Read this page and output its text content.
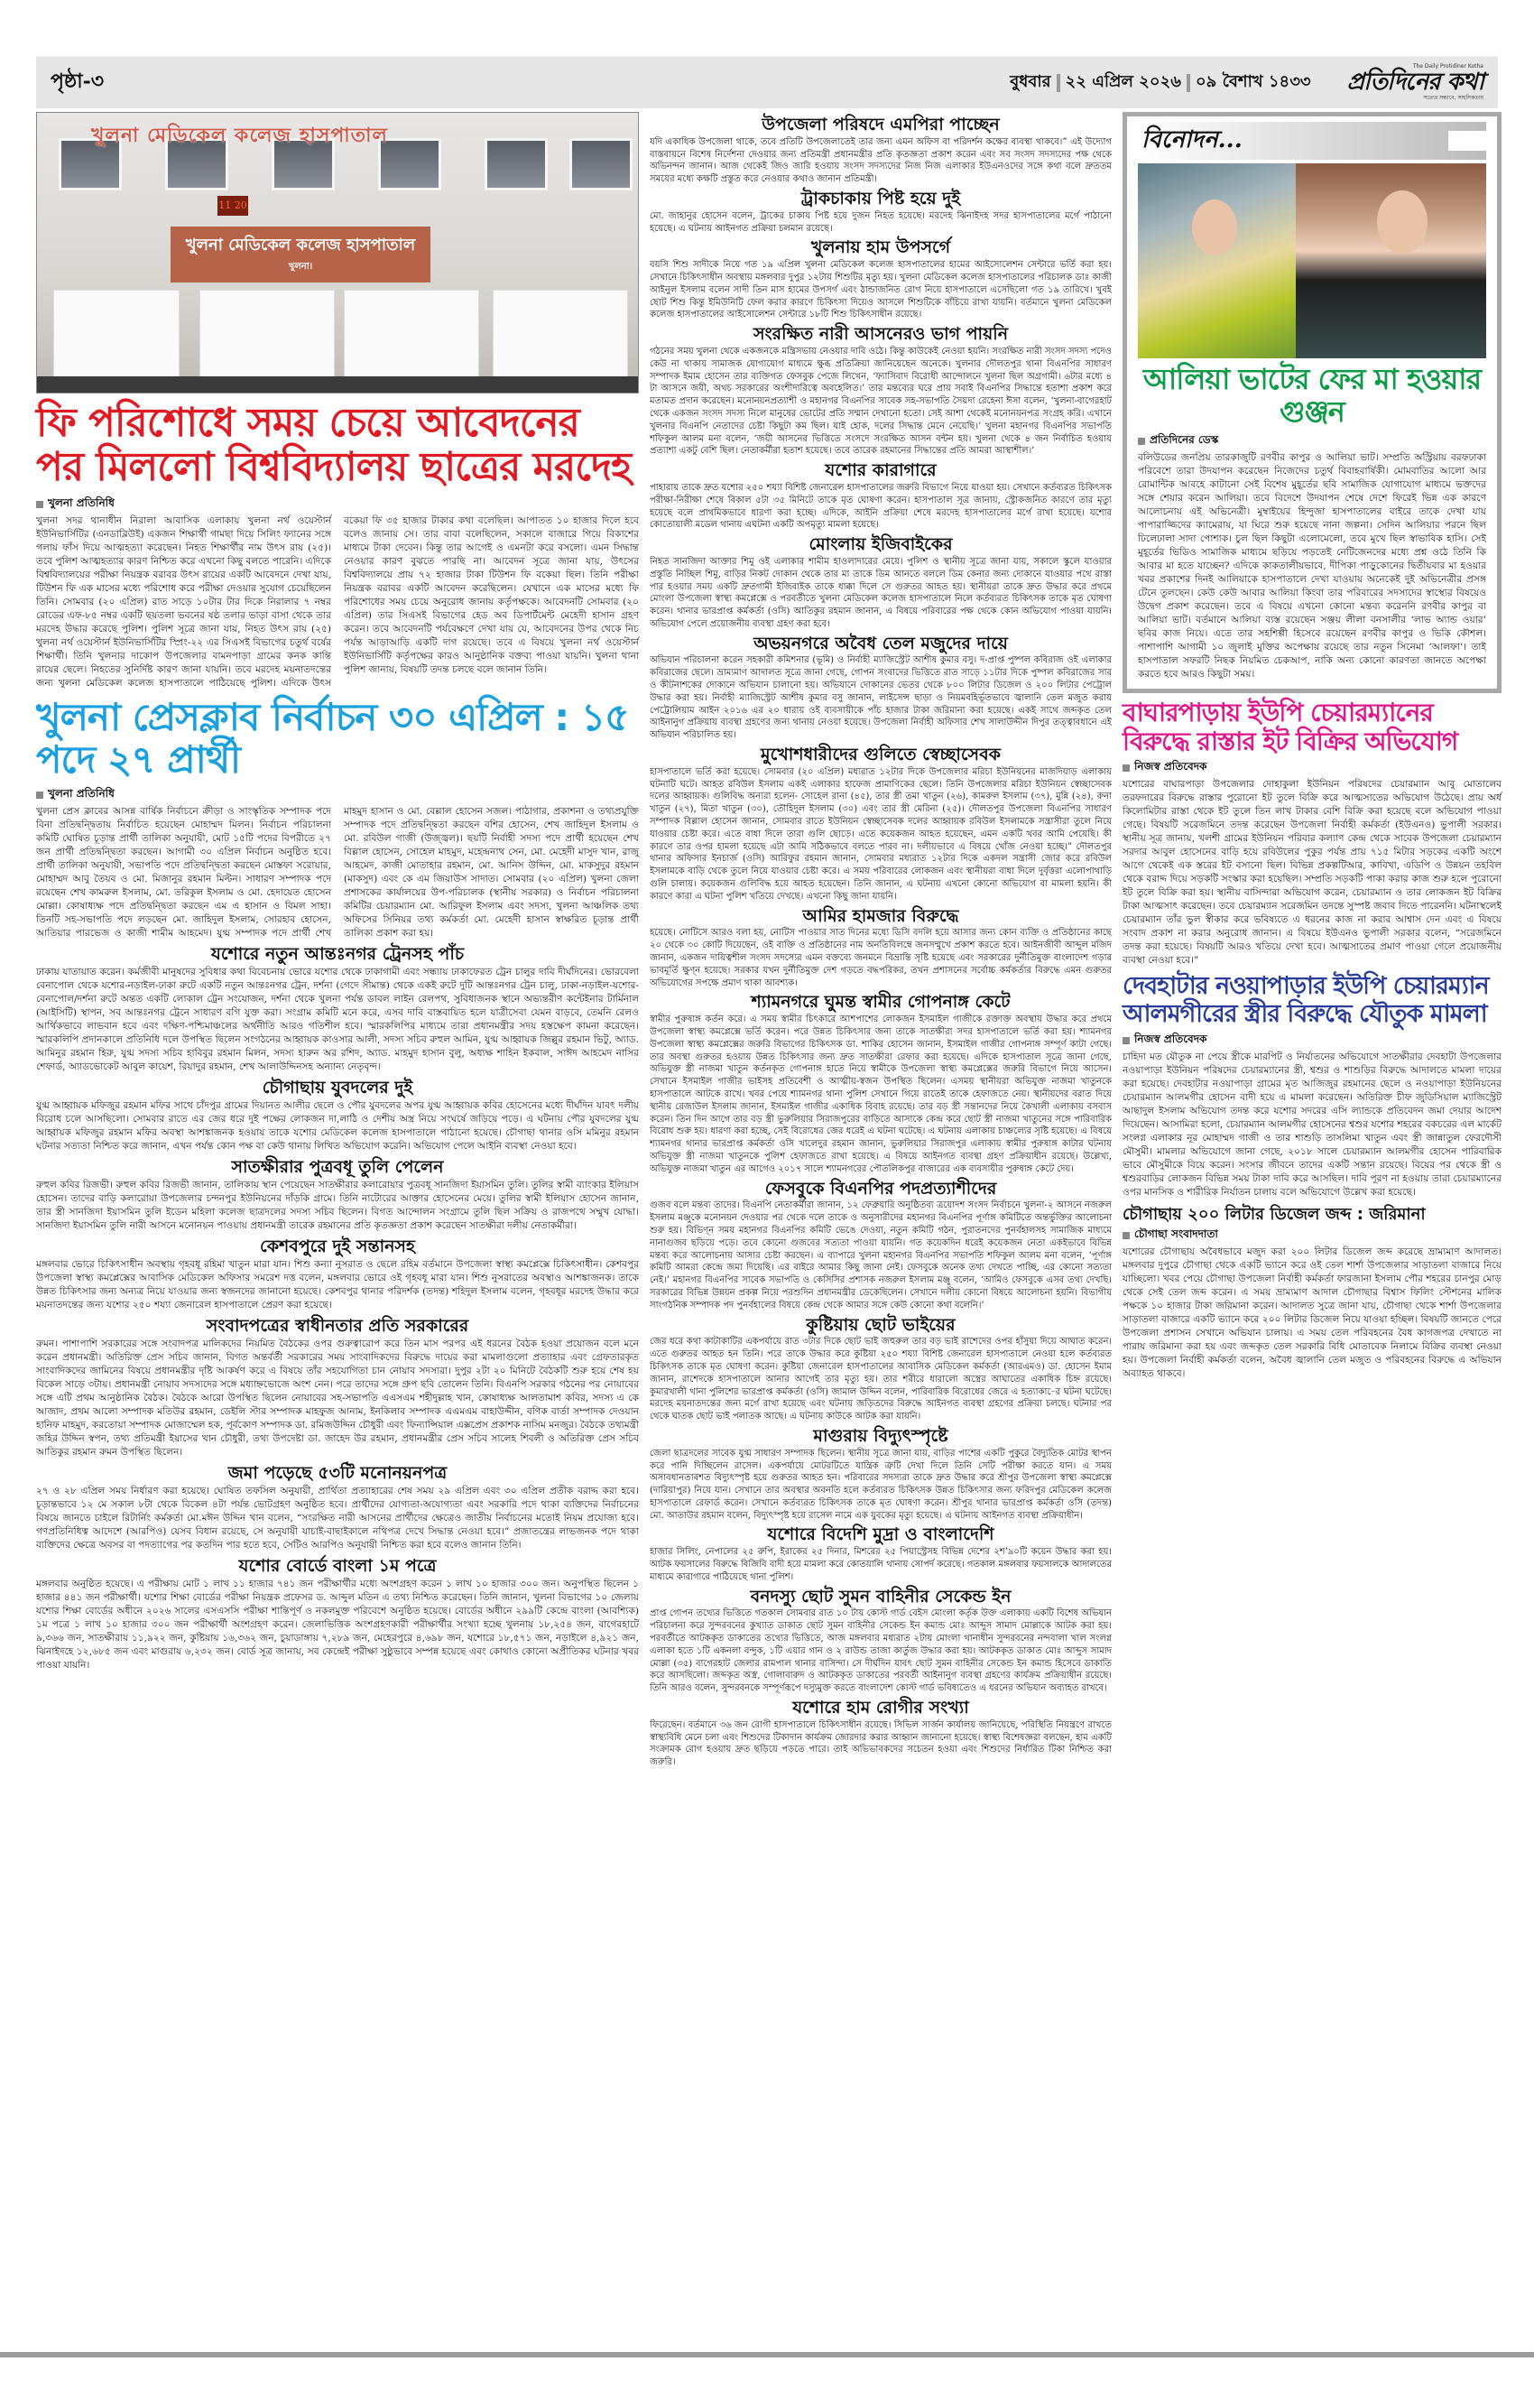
পৃষ্ঠা-৩	বুধবার ২২ এপ্রিল ২০২৬ ০৯ বৈশাখ ১৪৩৩
The Daily Protidiner Kotha
প্রতিদিনের কথা
সত্যের সন্ধানে, সাহসিকতায়
খুলনা মেডিকেল কলেজ হাসপাতাল
11 20
খুলনা মেডিকেল কলেজ হাসপাতাল
খুলনা।
ফি পরিশোধে সময় চেয়ে আবেদনের পর মিললো বিশ্ববিদ্যালয় ছাত্রের মরদেহ
খুলনা প্রতিনিধি
খুলনা সদর থানাধীন নিরালা আবাসিক এলাকায় খুলনা নর্থ ওয়েস্টার্ন ইউনিভার্সিটির (এনডাব্লিউই) একজন শিক্ষার্থী গামছা দিয়ে সিলিং ফ্যানের সঙ্গে গলায় ফাঁস দিয়ে আত্মহত্যা করেছেন। নিহত শিক্ষার্থীর নাম উৎস রায় (২৫)। তবে পুলিশ আত্মহত্যার কারণ নিশ্চিত করে এখনো কিছু বলতে পারেনি। এদিকে বিশ্ববিদ্যালয়ের পরীক্ষা নিয়ন্ত্রক বরাবর উৎস রায়ের একটি আবেদনে দেখা যায়, টিউশন ফি এক মাসের মধ্যে পরিশোধ করে পরীক্ষা দেওয়ার সুযোগ চেয়েছিলেন তিনি। সোমবার (২০ এপ্রিল) রাত সাড়ে ১০টার টার দিকে নিরালার ৭ নম্বর রোডের এফ-৮৫ নম্বর একটি ছয়তলা ভবনের ষষ্ঠ তলার ভাড়া বাসা থেকে তার মরদেহ উদ্ধার করেছে পুলিশ। পুলিশ সূত্রে জানা যায়, নিহত উৎস রায় (২৫) খুলনা নর্থ ওয়েস্টার্ন ইউনিভার্সিটির স্প্রিং-২২ এর সিএসই বিভাগের চতুর্থ বর্ষের শিক্ষার্থী। তিনি খুলনার দাকোপ উপজেলার বামনপাড়া গ্রামের কনক কান্তি রায়ের ছেলে। নিহতের সুনির্দিষ্ট কারণ জানা যায়নি। তবে মরদেহ ময়নাতদন্তের জন্য খুলনা মেডিকেল কলেজ হাসপাতালে পাঠিয়েছে পুলিশ। এদিকে উৎস বকেয়া ফি ৩৫ হাজার টাকার কথা বলেছিল। আপাতত ১০ হাজার দিলে হবে বলেও জানায় সে। তার বাবা বলেছিলেন, সকালে বাজারে গিয়ে বিকাশের মাধ্যমে টাকা দেবেন। কিন্তু তার আগেই ও এমনটা করে বসলো। এমন সিদ্ধান্ত নেওয়ার কারণ বুঝতে পারছি না। আবেদন সূত্রে জানা যায়, উৎসের বিশ্ববিদ্যালয়ে প্রায় ৭২ হাজার টাকা টিউশন ফি বকেয়া ছিল। তিনি পরীক্ষা নিয়ন্ত্রক বরাবর একটি আবেদন করেছিলেন। যেখানে এক মাসের মধ্যে ফি পরিশোধের সময় চেয়ে অনুরোধ জানায় কর্তৃপক্ষকে। আবেদনটি সোমবার (২০ এপ্রিল) তার সিএসই বিভাগের হেড অব ডিপার্টমেন্ট মেহেদী হাসান গ্রহণ করেন। তবে আবেদনটি পর্যবেক্ষণে দেখা যায় যে, আবেদনের উপর থেকে নিচ পর্যন্ত আড়াআড়ি একটি দাগ রয়েছে। তবে এ বিষয়ে খুলনা নর্থ ওয়েস্টার্ন ইউনিভার্সিটি কর্তৃপক্ষের কারও আনুষ্ঠানিক বক্তব্য পাওয়া যায়নি। খুলনা থানা পুলিশ জানায়, বিষয়টি তদন্ত চলছে বলে জানান তিনি।
খুলনা প্রেসক্লাব নির্বাচন ৩০ এপ্রিল : ১৫ পদে ২৭ প্রার্থী
খুলনা প্রতিনিধি
খুলনা প্রেস ক্লাবের আসন্ন বার্ষিক নির্বাচনে ক্রীড়া ও সাংস্কৃতিক সম্পাদক পদে বিনা প্রতিদ্বন্দ্বিতায় নির্বাচিত হয়েছেন মোহাম্মদ মিলন। নির্বাচন পরিচালনা কমিটি ঘোষিত চূড়ান্ত প্রার্থী তালিকা অনুযায়ী, মোট ১৫টি পদের বিপরীতে ২৭ জন প্রার্থী প্রতিদ্বন্দ্বিতা করছেন। আগামী ৩০ এপ্রিল নির্বাচন অনুষ্ঠিত হবে। প্রার্থী তালিকা অনুযায়ী, সভাপতি পদে প্রতিদ্বন্দ্বিতা করছেন মোস্তফা সরোয়ার, মোহাম্মদ আবু তৈয়ব ও মো. মিজানুর রহমান মিল্টন। সাধারণ সম্পাদক পদে রয়েছেন শেখ কামরুল ইসলাম, মো. তরিকুল ইসলাম ও মো. হেদায়েত হোসেন মোল্লা। কোষাধ্যক্ষ পদে প্রতিদ্বন্দ্বিতা করছেন এম এ হাসান ও বিমল সাহা। তিনটি সহ-সভাপতি পদে লড়ছেন মো. জাহিদুল ইসলাম, সোরহাব হোসেন, আতিয়ার পারভেজ ও কাজী শামীম আহমেদ। যুগ্ম সম্পাদক পদে প্রার্থী শেখ মাহমুদ হাসান ও মো. বেল্লাল হোসেন সজল। পাঠাগার, প্রকাশনা ও তথ্যপ্রযুক্তি সম্পাদক পদে প্রতিদ্বন্দ্বিতা করছেন বশির হোসেন, শেখ জাহিদুল ইসলাম ও মো. রবিউল গাজী (উজ্জ্বল)। ছয়টি নির্বাহী সদস্য পদে প্রার্থী হয়েছেন শেখ বিল্লাল হোসেন, সোহেল মাহমুদ, মহেন্দ্রনাথ সেন, মো. মেহেদী মাসুদ খান, রাজু আহমেদ, কাজী মোতাহার রহমান, মো. আনিস উদ্দিন, মো. মাকসুদুর রহমান (মাকসুদ) এবং কে এম জিয়াউস সাদাত। সোমবার (২০ এপ্রিল) খুলনা জেলা প্রশাসকের কার্যালয়ের উপ-পরিচালক (স্থানীয় সরকার) ও নির্বাচন পরিচালনা কমিটির চেয়ারম্যান মো. আরিফুল ইসলাম এবং সদস্য, খুলনা আঞ্চলিক তথ্য অফিসের সিনিয়র তথ্য কর্মকর্তা মো. মেহেদী হাসান স্বাক্ষরিত চূড়ান্ত প্রার্থী তালিকা প্রকাশ করা হয়।
যশোরে নতুন আন্তঃনগর ট্রেনসহ পাঁচ
ঢাকায় যাতায়াত করেন। কর্মজীবী মানুষদের সুবিধার কথা বিবেচনায় ভোরে যশোর থেকে ঢাকাগামী এবং সন্ধ্যায় ঢাকাফেরত ট্রেন চালুর দাবি দীর্ঘদিনের। ভোরবেলা বেনাপোল থেকে যশোর-নড়াইল-ঢাকা রুটে একটি নতুন আন্তঃনগর ট্রেন, দর্শনা (গেদে সীমান্ত) থেকে একই রুটে দুটি আন্তঃনগর ট্রেন চালু, ঢাকা-নড়াইল-যশোর-বেনাপোল/দর্শনা রুটে অন্তত একটি লোকাল ট্রেন সংযোজন, দর্শনা থেকে খুলনা পর্যন্ত ডাবল লাইন রেলপথ, সুবিধাজনক স্থানে অভ্যন্তরীণ কন্টেইনার টার্মিনাল (আইসিটি) স্থাপন, সব আন্তঃনগর ট্রেনে সাধারণ বগি যুক্ত করা। সংগ্রাম কমিটি মনে করে, এসব দাবি বাস্তবায়িত হলে যাত্রীসেবা যেমন বাড়বে, তেমনি রেলও আর্থিকভাবে লাভবান হবে এবং দক্ষিণ-পশ্চিমাঞ্চলের অর্থনীতি আরও গতিশীল হবে। স্মারকলিপির মাধ্যমে তারা প্রধানমন্ত্রীর সদয় হস্তক্ষেপ কামনা করেছেন। স্মারকলিপি প্রদানকালে প্রতিনিধি দলে উপস্থিত ছিলেন সংগঠনের আহ্বায়ক কাওসার আলী, সদস্য সচিব রুহুল আমিন, যুগ্ম আহ্বায়ক জিল্লুর রহমান ভিটু, অ্যাড. আমিনুর রহমান হিরু, যুগ্ম সদস্য সচিব হাবিবুর রহমান মিলন, সদস্য হারুন অর রশিদ, অ্যাড. মাহমুদ হাসান বুলু, অধ্যক্ষ শাহিন ইকবাল, সাঈদ আহমেদ নাসির শেফার্ড, অ্যাডভোকেট আবুল কায়েশ, রিয়াদুর রহমান, শেখ আলাউদ্দিনসহ অন্যান্য নেতৃবৃন্দ।
চৌগাছায় যুবদলের দুই
যুগ্ম আহ্বায়ক মফিজুর রহমান মফির সাথে চাঁদপুর গ্রামের দিয়ানত আলীর ছেলে ও পৌর যুবদলের অপর যুগ্ম আহ্বায়ক কবির হোসেনের মধ্যে দীর্ঘদিন যাবৎ দলীয় বিরোধ চলে আসছিলো। সোমবার রাতে এর জের ধরে দুই পক্ষের লোকজন দা,লাঠি ও দেশীয় অস্ত্র নিয়ে সংঘর্ষে জড়িয়ে পড়ে। এ ঘটনায় পৌর যুবদলের যুগ্ম আহ্বায়ক মফিজুর রহমান মফির অবস্থা আশঙ্কাজনক হওয়ায় তাকে যশোর মেডিকেল কলেজ হাসপাতালে পাঠানো হয়েছে। চৌগাছা থানার ওসি মমিনুর রহমান ঘটনার সত্যতা নিশ্চিত করে জানান, এখন পর্যন্ত কোন পক্ষ বা কেউ থানায় লিখিত অভিযোগ করেনি। অভিযোগ পেলে আইনি ব্যবস্থা নেওয়া হবে।
সাতক্ষীরার পুত্রবধূ তুলি পেলেন
রুহুল কবির রিজভী। রুহুল কবির রিজভী জানান, তালিকায় স্থান পেয়েছেন সাতক্ষীরার কলারোয়ার পুত্রবধূ সানজিদা ইয়াসমিন তুলি। তুলির স্বামী ব্যাংকার ইলিয়াস হোসেন। তাদের বাড়ি কলারোয়া উপজেলার চন্দনপুর ইউনিয়নের দাঁড়কি গ্রামে। তিনি নাটোরের আক্তার হোসেনের মেয়ে। তুলির স্বামী ইলিয়াস হোসেন জানান, তার স্ত্রী সানজিদা ইয়াসমিন তুলি ইডেন মহিলা কলেজ ছাত্রদলের সদস্য সচিব ছিলেন। বিগত আন্দোলন সংগ্রামে তুলি ছিল সক্রিয় ও রাজপথে সম্মুখ যোদ্ধা। সানজিদা ইয়াসমিন তুলি নারী আসনে মনোনয়ন পাওয়ায় প্রধানমন্ত্রী তারেক রহমানের প্রতি কৃতজ্ঞতা প্রকাশ করেছেন সাতক্ষীরা দলীয় নেতাকর্মীরা।
কেশবপুরে দুই সন্তানসহ
মঙ্গলবার ভোরে চিকিৎসাধীন অবস্থায় গৃহবধূ রহিমা খাতুন মারা যান। শিশু কন্যা নুসরাত ও ছেলে রহিম বর্তমানে উপজেলা স্বাস্থ্য কমপ্লেক্সে চিকিৎসাধীন। কেশবপুর উপজেলা স্বাস্থ্য কমপ্লেক্সের আবাসিক মেডিকেল অফিসার সমরেশ দত্ত বলেন, মঙ্গলবার ভোরে ওই গৃহবধূ মারা যান। শিশু নুসরাতের অবস্থাও আশঙ্কাজনক। তাকে উন্নত চিকিৎসার জন্য অন্যত্র নিয়ে যাওয়ার জন্য স্বজনদের জানানো হয়েছে। কেশবপুর থানার পরিদর্শক (তদন্ত) শহিদুল ইসলাম বলেন, গৃহবধূর মরদেহ উদ্ধার করে ময়নাতদন্তের জন্য যশোর ২৫০ শয্যা জেনারেল হাসপাতালে প্রেরণ করা হয়েছে।
সংবাদপত্রের স্বাধীনতার প্রতি সরকারের
রুমন। পাশাপাশি সরকারের সঙ্গে সংবাদপত্র মালিকদের নিয়মিত বৈঠকের ওপর গুরুত্বারোপ করে তিন মাস পরপর এই ধরনের বৈঠক হওয়া প্রয়োজন বলে মনে করেন প্রধানমন্ত্রী। অতিরিক্ত প্রেস সচিব জানান, বিগত অন্তর্বর্তী সরকারের সময় সাংবাদিকদের বিরুদ্ধে দায়ের করা মামলাগুলো প্রত্যাহার এবং গ্রেফতারকৃত সাংবাদিকদের জামিনের বিষয়ে প্রধানমন্ত্রীর দৃষ্টি আকর্ষণ করে এ বিষয়ে তাঁর সহযোগিতা চান নোয়াব সদস্যরা। দুপুর ২টা ২০ মিনিটে বৈঠকটি শুরু হয়ে শেষ হয় বিকেল সাড়ে ৩টায়। প্রধানমন্ত্রী নোয়াব সদস্যদের সঙ্গে মধ্যাহ্নভোজে অংশ নেন। পরে তাদের সঙ্গে গ্রুপ ছবি তোলেন তিনি। বিএনপি সরকার গঠনের পর নোয়াবের সঙ্গে এটি প্রথম আনুষ্ঠানিক বৈঠক। বৈঠকে আরো উপস্থিত ছিলেন নোয়াবের সহ-সভাপতি এএসএম শহীদুল্লাহ খান, কোষাধ্যক্ষ আলতামাশ কবির, সদস্য এ কে আজাদ, প্রথম আলো সম্পাদক মতিউর রহমান, ডেইলি স্টার সম্পাদক মাহফুজ আনাম, ইনকিলাব সম্পাদক এএমএম বাহাউদ্দীন, বণিক বার্তা সম্পাদক দেওয়ান হানিফ মাহমুদ, করতোয়া সম্পাদক মোজাম্মেল হক, পূর্বকোণ সম্পাদক ডা. রমিজউদ্দিন চৌধুরী এবং ফিন্যান্সিয়াল এক্সপ্রেস প্রকাশক নাসিম মনজুর। বৈঠকে তথ্যমন্ত্রী জহির উদ্দিন স্বপন, তথ্য প্রতিমন্ত্রী ইয়াসের খান চৌধুরী, তথ্য উপদেষ্টা ডা. জাহেদ উর রহমান, প্রধানমন্ত্রীর প্রেস সচিব সালেহ শিবলী ও অতিরিক্ত প্রেস সচিব আতিকুর রহমান রুমন উপস্থিত ছিলেন।
জমা পড়েছে ৫৩টি মনোনয়নপত্র
২৭ ও ২৮ এপ্রিল সময় নির্ধারণ করা হয়েছে। ঘোষিত তফসিল অনুযায়ী, প্রার্থিতা প্রত্যাহারের শেষ সময় ২৯ এপ্রিল এবং ৩০ এপ্রিল প্রতীক বরাদ্দ করা হবে। চূড়ান্তভাবে ১২ মে সকাল ৮টা থেকে বিকেল ৪টা পর্যন্ত ভোটগ্রহণ অনুষ্ঠিত হবে। প্রার্থীদের যোগ্যতা-অযোগ্যতা এবং সরকারি পদে থাকা ব্যক্তিদের নির্বাচনের বিষয়ে জানতে চাইলে রিটার্নিং কর্মকর্তা মো.মঈন উদ্দিন খান বলেন, “সংরক্ষিত নারী আসনের প্রার্থীদের ক্ষেত্রেও জাতীয় নির্বাচনের মতোই নিয়ম প্রযোজ্য হবে। গণপ্রতিনিধিত্ব আদেশে (আরপিও) যেসব বিধান রয়েছে, সে অনুযায়ী যাচাই-বাছাইকালে নথিপত্র দেখে সিদ্ধান্ত নেওয়া হবে।” প্রজাতন্ত্রের লাভজনক পদে থাকা ব্যক্তিদের ক্ষেত্রে অবসর বা পদত্যাগের পর কতদিন পার হতে হবে, সেটিও আরপিও অনুযায়ী নিশ্চিত করা হবে বলেও জানান তিনি।
যশোর বোর্ডে বাংলা ১ম পত্রে
মঙ্গলবার অনুষ্ঠিত হয়েছে। এ পরীক্ষায় মোট ১ লাখ ১১ হাজার ৭৪১ জন পরীক্ষার্থীর মধ্যে অংশগ্রহণ করেন ১ লাখ ১০ হাজার ৩০০ জন। অনুপস্থিত ছিলেন ১ হাজার ৪৪১ জন পরীক্ষার্থী। যশোর শিক্ষা বোর্ডের পরীক্ষা নিয়ন্ত্রক প্রফেসর ড. আব্দুল মতিন এ তথ্য নিশ্চিত করেছেন। তিনি জানান, খুলনা বিভাগের ১০ জেলায় যশোর শিক্ষা বোর্ডের অধীনে ২০২৬ সালের এসএসসি পরীক্ষা শান্তিপূর্ণ ও নকলমুক্ত পরিবেশে অনুষ্ঠিত হয়েছে। বোর্ডের অধীনে ২৯৯টি কেন্দ্রে বাংলা (আবশ্যিক) ১ম পত্রে ১ লাখ ১০ হাজার ৩০০ জন পরীক্ষার্থী অংশগ্রহণ করেন। জেলাভিত্তিক অংশগ্রহণকারী পরীক্ষার্থীর সংখ্যা হচ্ছে খুলনায় ১৮,২৫৪ জন, বাগেরহাটে ৯,৩৬৬ জন, সাতক্ষীরায় ১১,৯২২ জন, কুষ্টিয়ায় ১৬,৩৬২ জন, চুয়াডাঙ্গায় ৭,২৮৯ জন, মেহেরপুরে ৪,৬৯৮ জন, যশোরে ১৮,৫৭১ জন, নড়াইলে ৪,৯২১ জন, ঝিনাইদহে ১২,৬৮৫ জন এবং মাগুরায় ৬,২৩২ জন। বোর্ড সূত্র জানায়, সব কেন্দ্রেই পরীক্ষা সুষ্ঠুভাবে সম্পন্ন হয়েছে এবং কোথাও কোনো অপ্রীতিকর ঘটনার খবর পাওয়া যায়নি।
উপজেলা পরিষদে এমপিরা পাচ্ছেন
যদি একাধিক উপজেলা থাকে, তবে প্রতিটি উপজেলাতেই তার জন্য এমন অফিস বা পরিদর্শন কক্ষের ব্যবস্থা থাকবে।” এই উদ্যোগ বাস্তবায়নে বিশেষ নির্দেশনা দেওয়ার জন্য প্রতিমন্ত্রী প্রধানমন্ত্রীর প্রতি কৃতজ্ঞতা প্রকাশ করেন এবং সব সংসদ সদস্যদের পক্ষ থেকে অভিনন্দন জানান। আজ থেকেই জিও জারি হওয়ায় সংসদ সদস্যদের নিজ নিজ এলাকার ইউএনওদের সঙ্গে কথা বলে দ্রুততম সময়ের মধ্যে কক্ষটি প্রস্তুত করে নেওয়ার কথাও জানান প্রতিমন্ত্রী।
ট্রাকচাকায় পিষ্ট হয়ে দুই
মো. জাহানুর হোসেন বলেন, ট্রাকের চাকায় পিষ্ট হয়ে দুজন নিহত হয়েছে। মরদেহ ঝিনাইদহ সদর হাসপাতালের মর্গে পাঠানো হয়েছে। এ ঘটনায় আইনগত প্রক্রিয়া চলমান রয়েছে।
খুলনায় হাম উপসর্গে
বয়সি শিশু সাদীকে নিয়ে গত ১৯ এপ্রিল খুলনা মেডিকেল কলেজ হাসপাতালের হামের আইসোলেশন সেন্টারে ভর্তি করা হয়। সেখানে চিকিৎসাধীন অবস্থায় মঙ্গলবার দুপুর ১২টায় শিশুটির মৃত্যু হয়। খুলনা মেডিকেল কলেজ হাসপাতালের পরিচালক ডাঃ কাজী আইনুল ইসলাম বলেন সাদী তিন মাস হামের উপসর্গ এবং ঠান্ডাজনিত রোগ নিয়ে হাসপাতালে এসেছিলো গত ১৯ তারিখে। খুবই ছোট শিশু কিন্তু ইমিউনিটি ফেল করার কারণে চিকিৎসা দিয়েও আসলে শিশুটিকে বাঁচিয়ে রাখা যায়নি। বর্তমানে খুলনা মেডিকেল কলেজ হাসপাতালের আইসোলেশন সেন্টারে ১৮টি শিশু চিকিৎসাধীন রয়েছে।
সংরক্ষিত নারী আসনেরও ভাগ পায়নি
গঠনের সময় খুলনা থেকে একজনকে মন্ত্রিসভায় নেওয়ার দাবি ওঠে। কিন্তু কাউকেই নেওয়া হয়নি। সংরক্ষিত নারী সংসদ সদস্য পদেও কেউ না থাকায় সামাজক যোগাযোগ মাধ্যমে ক্ষুব্ধ প্রতিক্রিয়া জানিয়েছেন অনেকে। খুলনার দৌলতপুর থানা বিএনপির সাধারণ সম্পাদক ইমাম হোসেন তার ব্যক্তিগত ফেসবুক পেজে লিখেন, ‘ফ্যাসিবাদ বিরোধী আন্দোলনে খুলনা ছিল অগ্রগামী। ৬টার মধ্যে ৪ টা আসনে জয়ী, অথচ সরকারের অংশীদারিত্বে অবহেলিত।’ তার মন্তব্যের ঘরে প্রায় সবাই বিএনপির সিদ্ধান্তে হতাশা প্রকাশ করে মতামত প্রদান করেছেন। মনোনয়নপ্রত্যাশী ও মহানগর বিএনপির সাবেক সহ-সভাপতি সৈয়দা রেহেনা ঈসা বলেন, ‘খুলনা-বাগেরহাট থেকে একজন সংসদ সদস্য নিলে মানুষের ভোটের প্রতি সম্মান দেখানো হতো। সেই আশা থেকেই মনোনয়নপত্র সংগ্রহ করি। এখানে খুলনার বিএনপি নেতাদের চেষ্টা কিছুটা কম ছিল। যাই হোক, দলের সিদ্ধান্ত মেনে নেয়েছি।’ খুলনা মহানগর বিএনপির সভাপতি শফিকুল আলম মনা বলেন, ‘জয়ী আসনের ভিত্তিতে সংসদে সংরক্ষিত আসন বন্টন হয়। খুলনা থেকে ৪ জন নির্বাচিত হওয়ায় প্রত্যাশা একটু বেশি ছিল। নেতাকর্মীরা হতাশ হয়েছে। তবে তারেক রহমানের সিদ্ধান্তের প্রতি আমরা আস্থাশীল।’
যশোর কারাগারে
পাহারায় তাকে দ্রুত যশোর ২৫০ শয্যা বিশিষ্ট জেনারেল হাসপাতালের জরুরি বিভাগে নিয়ে যাওয়া হয়। সেখানে কর্তব্যরত চিকিৎসক পরীক্ষা-নিরীক্ষা শেষে বিকাল ৫টা ৩৫ মিনিটে তাকে মৃত ঘোষণা করেন। হাসপাতাল সূত্র জানায়, স্ট্রোকজনিত কারণে তার মৃত্যু হয়েছে বলে প্রাথমিকভাবে ধারণা করা হচ্ছে। এদিকে, আইনি প্রক্রিয়া শেষে মরদেহ হাসপাতালের মর্গে রাখা হয়েছে। যশোর কোতোয়ালী মডেল থানায় এঘটনা একটি অপমৃত্যু মামলা হয়েছে।
মোংলায় ইজিবাইকের
নিহত সানজিদা আক্তার শিমু ওই এলাকার শামীম হাওলাদারের মেয়ে। পুলিশ ও স্থানীয় সূত্রে জানা যায়, সকালে স্কুলে যাওয়ার প্রস্তুতি নিচ্ছিল শিমু, বাড়ির নিকট দোকান থেকে তার মা তাকে ডিম আনতে বললে ডিম কেনার জন্য দোকানে যাওয়ার পথে রাস্তা পার হওয়ার সময় একটি দ্রুতগামী ইজিবাইক তাকে ধাক্কা দিলে সে গুরুতর আহত হয়। স্থানীয়রা তাকে দ্রুত উদ্ধার করে প্রথমে মোংলা উপজেলা স্বাস্থ্য কমপ্লেক্সে ও পরবর্তীতে খুলনা মেডিকেল কলেজ হাসপাতালে নিলে কর্তব্যরত চিকিৎসক তাকে মৃত ঘোষণা করেন। থানার ভারপ্রাপ্ত কর্মকর্তা (ওসি) আতিকুর রহমান জানান, এ বিষয়ে পরিবারের পক্ষ থেকে কোন অভিযোগ পাওয়া যায়নি। অভিযোগ পেলে প্রয়োজনীয় ব্যবস্থা গ্রহণ করা হবে।
অভয়নগরে অবৈধ তেল মজুদের দায়ে
অভিযান পরিচালনা করেন সহকারী কমিশনার (ভূমি) ও নির্বাহী ম্যাজিস্ট্রেট আশীষ কুমার বসু। দ-প্রাপ্ত পুষ্পল কবিরাজ ওই এলাকার কবিরাজের ছেলে। ভ্রাম্যমাণ আদালত সূত্রে জানা গেছে, গোপন সংবাদের ভিত্তিতে রাত সাড়ে ১১টার দিকে পুষ্পল কবিরাজের সার ও কীটনাশকের দোকানে অভিযান চালানো হয়। অভিযানে দোকানের ভেতর থেকে ৮০০ লিটার ডিজেল ও ২০০ লিটার পেট্রোল উদ্ধার করা হয়। নির্বাহী ম্যাজিস্ট্রেট আশীষ কুমার বসু জানান, লাইসেন্স ছাড়া ও নিয়মবহির্ভূতভাবে জ্বালানি তেল মজুত করায় পেট্রোলিয়াম আইন ২০১৬ এর ২০ ধারায় ওই ব্যবসায়ীকে পাঁচ হাজার টাকা জরিমানা করা হয়েছে। একই সাথে জব্দকৃত তেল আইনানুগ প্রক্রিয়ায় ব্যবস্থা গ্রহণের জন্য থানায় নেওয়া হয়েছে। উপজেলা নির্বাহী অফিসার শেখ সালাউদ্দীন দিপুর তত্ত্বাবধানে এই অভিযান পরিচালিত হয়।
মুখোশধারীদের গুলিতে স্বেচ্ছাসেবক
হাসপাতালে ভর্তি করা হয়েছে। সোমবার (২০ এপ্রিল) মধ্যরাত ১২টার দিকে উপজেলার মরিচা ইউনিয়নের মাজদিয়াড় এলাকায় ঘটনাটি ঘটে। আহত রবিউল ইসলাম একই এলাকার হাফেজ প্রামাণিকের ছেলে। তিনি উপজেলার মরিচা ইউনিয়ন স্বেচ্ছাসেবক দলের আহ্বায়ক। গুলিবিদ্ধ অন্যরা হলেন- সোহেল রানা (৪৫), তার স্ত্রী তমা খাতুন (২৬), কামরুল ইসলাম (৩৭), মুন্নি (২৪), রুনা খাতুন (২৭), মিতা খাতুন (৩০), তৌহিদুল ইসলাম (৩০) এবং তার স্ত্রী মেরিনা (২৫)। দৌলতপুর উপজেলা বিএনপির সাধারণ সম্পাদক বিল্লাল হোসেন জানান, সোমবার রাতে ইউনিয়ন স্বেচ্ছাসেবক দলের আহ্বায়ক রবিউল ইসলামকে সন্ত্রাসীরা তুলে নিয়ে যাওয়ার চেষ্টা করে। এতে বাধা দিলে তারা গুলি ছোড়ে। এতে কয়েকজন আহত হয়েছেন, এমন একটি খবর আমি পেয়েছি। কী কারণে তার ওপর হামলা হয়েছে এটা আমি সঠিকভাবে বলতে পারব না। দলীয়ভাবে এ বিষয়ে খোঁজ নেওয়া হচ্ছে।” দৌলতপুর থানার অফিসার ইনচার্জ (ওসি) আরিফুর রহমান জানান, সোমবার মধ্যরাত ১২টার দিকে একদল সন্ত্রাসী জোর করে রবিউল ইসলামকে বাড়ি থেকে তুলে নিয়ে যাওয়ার চেষ্টা করে। এ সময় পরিবারের লোকজন এবং স্থানীয়রা বাধা দিলে দুর্বৃত্তরা এলোপাথাড়ি গুলি চালায়। কয়েকজন গুলিবিদ্ধ হয়ে আহত হয়েছেন। তিনি জানান, এ ঘটনায় এখনো কোনো অভিযোগ বা মামলা হয়নি। কী কারণে কারা এ ঘটনা পুলিশ খতিয়ে দেখছে। এখনো কিছু জানা যায়নি।
আমির হামজার বিরুদ্ধে
হয়েছে। নোটিসে আরও বলা হয়, নোটিস পাওয়ার সাত দিনের মধ্যে ডিসি বদলি হয়ে আসার জন্য কোন ব্যক্তি ও প্রতিষ্ঠানের কাছে ২০ থেকে ৩০ কোটি দিয়েছেন, ওই ব্যক্তি ও প্রতিষ্ঠানের নাম অনতিবিলম্বে জনসম্মুখে প্রকাশ করতে হবে। আইনজীবী আব্দুল মজিদ জানান, একজন দায়িত্বশীল সংসদ সদস্যের এমন বক্তব্যে জনমনে বিভ্রান্তি সৃষ্টি হয়েছে এবং সরকারের দুর্নীতিমুক্ত বাংলাদেশ গড়ার ভাবমূর্তি ক্ষুণ্ন হয়েছে। সরকার যখন দুর্নীতিমুক্ত দেশ গড়তে বদ্ধপরিকর, তখন প্রশাসনের সর্বোচ্চ কর্মকর্তার বিরুদ্ধে এমন গুরুতর অভিযোগের সপক্ষে প্রমাণ থাকা আবশ্যক।
শ্যামনগরে ঘুমন্ত স্বামীর গোপনাঙ্গ কেটে
স্বামীর পুরুষাঙ্গ কর্তন করে। এ সময় স্বামীর চিৎকারে আশপাশের লোকজন ইসমাইল গাজীকে রক্তাক্ত অবস্থায় উদ্ধার করে প্রথমে উপজেলা স্বাস্থ্য কমপ্লেক্সে ভর্তি করেন। পরে উন্নত চিকিৎসার জন্য তাকে সাতক্ষীরা সদর হাসপাতালে ভর্তি করা হয়। শ্যামনগর উপজেলা স্বাস্থ্য কমপ্লেক্সের জরুরি বিভাগের চিকিৎসক ডা. শাকির হোসেন জানান, ইসমাইল গাজীর গোপনাঙ্গ সম্পূর্ণ কাটা গেছে। তার অবস্থা গুরুতর হওয়ায় উন্নত চিকিৎসার জন্য দ্রুত সাতক্ষীরা রেফার করা হয়েছে। এদিকে হাসপাতাল সূত্রে জানা গেছে, অভিযুক্ত স্ত্রী নাজমা খাতুন কর্তনকৃত গোপনাঙ্গ হাতে নিয়ে স্বামীকে উপজেলা স্বাস্থ্য কমপ্লেক্সের জরুরি বিভাগে নিয়ে আসেন। সেখানে ইসমাইল গাজীর ভাইসহ প্রতিবেশী ও আত্মীয়-স্বজন উপস্থিত ছিলেন। এসময় স্থানীয়রা অভিযুক্ত নাজমা খাতুনকে হাসপাতালে আটকে রাখে। খবর পেয়ে শ্যামনগর থানা পুলিশ সেখানে গিয়ে রাতেই তাকে হেফাজতে নেয়। স্থানীয়দের বরাত দিয়ে স্থানীয় রেজাউল ইসলাম জানান, ইসমাইল গাজীর একাধিক বিবাহ রয়েছে। তার বড় স্ত্রী সন্তানদের নিয়ে কৈখালী এলাকায় বসবাস করেন। তিন দিন আগে তার বড় স্ত্রী ভুরুলিয়ার সিরাজপুরের বাড়িতে আসাকে কেন্দ্র করে ছোট স্ত্রী নাজমা খাতুনের সঙ্গে পারিবারিক বিরোধ শুরু হয়। ধারণা করা হচ্ছে, সেই বিরোধের জের ধরেই এ ঘটনা ঘটেছে। এ ঘটনায় এলাকায় চাঞ্চল্যের সৃষ্টি হয়েছে। এ বিষয়ে শ্যামনগর থানার ভারপ্রাপ্ত কর্মকর্তা ওসি খালেদুর রহমান জানান, ভুরুলিয়ার সিরাজপুর এলাকায় স্বামীর পুরুষাঙ্গ কাটার ঘটনায় অভিযুক্ত স্ত্রী নাজমা খাতুনকে পুলিশ হেফাজতে রাখা হয়েছে। এ বিষয়ে আইনগত ব্যবস্থা গ্রহণ প্রক্রিয়াধীন রয়েছে। উল্লেখ্য, অভিযুক্ত নাজমা খাতুন এর আগেও ২০১৭ সালে শ্যামনগরের পৌতলিকপুর বাজারের এক ব্যবসায়ীর পুরুষাঙ্গ কেটে দেয়।
ফেসবুকে বিএনপির পদপ্রত্যাশীদের
গুজব বলে মন্তব্য তাদের। বিএনপি নেতাকর্মীরা জানান, ১২ ফেব্রুয়ারি অনুষ্ঠিতব্য ত্রয়োদশ সংসদ নির্বাচনে খুলনা-২ আসনে নজরুল ইসলাম মঞ্জুকে মনোনয়ন দেওয়ার পর থেকে দলে তাকে ও অনুসারীদের মহানগর বিএনপির পূর্ণাঙ্গ কমিটিতে অন্তর্ভুক্তির আলোচনা শুরু হয়। বিভিণ্ন সময় মহানগর বিএনপির কমিটি ভেঙে দেওয়া, নতুন কমিটি গঠন, পুরাতনদের পুনর্বহালসহ সামাজিক মাধ্যমে নানাগুজব ছড়িয়ে পড়ে। তবে কোনো গুজবের সত্যতা পাওয়া যায়নি। গত কয়েকদিন ধরেই কয়েকজন নেতা একইভাবে বিভিন্ন মন্তব্য করে আলোচনায় আসার চেষ্টা করছেন। এ ব্যাপারে খুলনা মহানগর বিএনপির সভাপতি শফিকুল আলম মনা বলেন, ‘পূর্ণাঙ্গ কমিটি আমরা কেন্দ্রে জমা দিয়েছি। এর বাইরে আমার কিছু জানা নেই। ফেসবুকে অনেক তথ্য দেখতে পাচ্ছি, এর কোনো সত্যতা নেই।’ মহানগর বিএনপির সাবেক সভাপতি ও কেসিসির প্রশাসক নজরুল ইসলাম মঞ্জু বলেন, ‘আমিও ফেসবুকে এসব তথ্য দেখছি। সরকারের বিভিন্ন উন্নয়ন প্রকল্প নিয়ে পরশুদিন প্রধানমন্ত্রীর ডেকেছিলেন। সেখানে দলীয় কোনো বিষয়ে আলোচনা হয়নি। বিভাগীয় সাংগঠনিক সম্পাদক পদ পুনর্বহালের বিষয়ে কেন্দ্র থেকে আমার সঙ্গে কেউ কোনো কথা বলেনি।’
কুষ্টিয়ায় ছোট ভাইয়ের
জের ধরে কথা কাটাকাটির একপর্যায়ে রাত ৩টার দিকে ছোট ভাই জহুরুল তার বড় ভাই রাশেদের ওপর হাঁসুয়া দিয়ে আঘাত করেন। এতে গুরুতর আহত হন তিনি। পরে তাকে উদ্ধার করে কুষ্টিয়া ২৫০ শয্যা বিশিষ্ট জেনারেল হাসপাতালে নেওয়া হলে কর্তব্যরত চিকিৎসক তাকে মৃত ঘোষণা করেন। কুষ্টিয়া জেনারেল হাসপাতালের আবাসিক মেডিকেল কর্মকর্তা (আরএমও) ডা. হোসেন ইমাম জানান, রাশেদকে হাসপাতালে আনার আগেই তার মৃত্যু হয়। তার শরীরে ধারালো অস্ত্রের আঘাতের একাধিক চিহ্ন রয়েছে। কুমারখালী থানা পুলিশের ভারপ্রাপ্ত কর্মকর্তা (ওসি) জামাল উদ্দিন বলেন, পারিবারিক বিরোধের জেরে এ হত্যাকা-ের ঘটনা ঘটেছে। মরদেহ ময়নাতদন্তের জন্য মর্গে রাখা হয়েছে এবং ঘটনায় জড়িতদের বিরুদ্ধে আইনগত ব্যবস্থা গ্রহণের প্রক্রিয়া চলছে। ঘটনার পর থেকে ঘাতক ছোট ভাই পলাতক আছে। এ ঘটনায় কাউকে আটক করা যায়নি।
মাগুরায় বিদ্যুৎস্পৃষ্টে
জেলা ছাত্রদলের সাবেক যুগ্ম সাধারণ সম্পাদক ছিলেন। স্থানীয় সূত্রে জানা যায়, বাড়ির পাশের একটি পুকুরে বৈদ্যুতিক মোটর স্থাপন করে পানি দিচ্ছিলেন রাসেল। একপর্যায়ে মোটরটিতে যান্ত্রিক ত্রুটি দেখা দিলে তিনি সেটি পরীক্ষা করতে যান। এ সময় অসাবধানতাবশত বিদ্যুৎস্পৃষ্ট হয়ে গুরুতর আহত হন। পরিবারের সদস্যরা তাকে দ্রুত উদ্ধার করে শ্রীপুর উপজেলা স্বাস্থ্য কমপ্লেক্সে (দারিয়াপুর) নিয়ে যান। সেখানে তার অবস্থার অবনতি হলে কর্তব্যরত চিকিৎসক উন্নত চিকিৎসার জন্য ফরিদপুর মেডিকেল কলেজ হাসপাতালে রেফার্ড করেন। সেখানে কর্তব্যরত চিকিৎসক তাকে মৃত ঘোষণা করেন। শ্রীপুর থানার ভারপ্রাপ্ত কর্মকর্তা ওসি (তদন্ত) মো. আতাউর রহমান বলেন, বিদ্যুৎস্পৃষ্ট হয়ে রাসেল নামে এক যুবকের মৃত্যু হয়েছে। এ ঘটনায় আইনগত ব্যবস্থা প্রক্রিয়াধীন।
যশোরে বিদেশি মুদ্রা ও বাংলাদেশি
হাজার সিলিং, নেপালের ২৫ রুপি, ইরাকের ২৫ দিনার, মিশরের ২৫ পিয়াস্ট্রেসহ বিভিন্ন দেশের ২শ’৯০টি কয়েন উদ্ধার করা হয়। আটক ফয়সালের বিরুদ্ধে বিজিবি বাদী হয়ে মামলা করে কোতয়ালি থানায় সোপর্দ করেছে। গতকাল মঙ্গলবার ফয়সালকে আদালতের মাধ্যমে কারাগারে পাঠিয়েছে থানা পুলিশ।
বনদস্যু ছোট সুমন বাহিনীর সেকেন্ড ইন
প্রাপ্ত গোপন তথ্যের ভিত্তিতে গতকাল সোমবার রাত ১০ টায় কোস্ট গার্ড বেইস মোংলা কর্তৃক উক্ত এলাকায় একটি বিশেষ অভিযান পরিচালনা করে সুন্দরবনের কুখ্যাত ডাকাত ছোট সুমন বাহিনীর সেকেন্ড ইন কমান্ড মোঃ আব্দুস সামাদ মোল্লাকে আটক করা হয়। পরবর্তীতে আটককৃত ডাকাতের তথ্যের ভিত্তিতে, আজ মঙ্গলবার মধ্যরাত ২টায় মোংলা থানাধীন সুন্দরবনের নন্দবালা খাল সংলগ্ন এলাকা হতে ১টি একনলা বন্দুক, ১টি এয়ার গান ও ২ রাউন্ড তাজা কার্তুজ উদ্ধার করা হয়। আটককৃত ডাকাত মোঃ আব্দুস সামাদ মোল্লা (৩৫) বাগেরহাট জেলার রামপাল থানার বাসিন্দা। সে দীর্ঘদিন যাবৎ ছোট সুমন বাহিনীর সেকেন্ড ইন কমান্ড হিসেবে ডাকাতি করে আসছিলো। জব্দকৃত অস্ত্র, গোলাবারুদ ও আটককৃত ডাকাতের পরবর্তী আইনানুগ ব্যবস্থা গ্রহণের কার্যক্রম প্রক্রিয়াধীন রয়েছে। তিনি আরও বলেন, সুন্দরবনকে সম্পূর্ণরূপে দস্যুমুক্ত করতে বাংলাদেশ কোস্ট গার্ড ভবিষ্যতেও এ ধরনের অভিযান অব্যাহত রাখবে।
যশোরে হাম রোগীর সংখ্যা
ফিরেছেন। বর্তমানে ৩৬ জন রোগী হাসপাতালে চিকিৎসাধীন রয়েছে। সিভিল সার্জন কার্যালয় জানিয়েছে, পরিস্থিতি নিয়ন্ত্রণে রাখতে স্বাস্থ্যবিধি মেনে চলা এবং শিশুদের টিকাদান কার্যক্রম জোরদার করার আহ্বান জানানো হয়েছে। স্বাস্থ্য বিশেষজ্ঞরা বলছেন, হাম একটি সংক্রামক রোগ হওয়ায় দ্রুত ছড়িয়ে পড়তে পারে। তাই অভিভাবকদের সচেতন হওয়া এবং শিশুদের নির্ধারিত টিকা নিশ্চিত করা জরুরি।
বিনোদন...
আলিয়া ভাটের ফের মা হওয়ার গুঞ্জন
প্রতিদিনের ডেস্ক
বলিউডের জনপ্রিয় তারকাজুটি রণবীর কাপুর ও আলিয়া ভাট। সম্প্রতি অস্ট্রিয়ায় বরফঢাকা পরিবেশে তারা উদযাপন করেছেন নিজেদের চতুর্থ বিবাহবার্ষিকী। মোমবাতির আলো আর রোমান্টিক আবহে কাটানো সেই বিশেষ মুহূর্তের ছবি সামাজিক যোগাযোগ মাধ্যমে ভক্তদের সঙ্গে শেয়ার করেন আলিয়া। তবে বিদেশে উদযাপন শেষে দেশে ফিরেই ভিন্ন এক কারণে আলোচনায় এই অভিনেত্রী। মুম্বাইয়ের হিন্দুজা হাসপাতালের বাইরে তাকে দেখা যায় পাপারাজ্জিদের ক্যামেরায়, যা ঘিরে শুরু হয়েছে নানা জল্পনা। সেদিন আলিয়ার পরনে ছিল ঢিলেঢালা সাদা পোশাক। চুল ছিল কিছুটা এলোমেলো, তবে মুখে ছিল স্বাভাবিক হাসি। সেই মুহূর্তের ভিডিও সামাজিক মাধ্যমে ছড়িয়ে পড়তেই নেটিজেনদের মধ্যে প্রশ্ন ওঠে তিনি কি আবার মা হতে যাচ্ছেন? এদিকে কাকতালীয়ভাবে, দীপিকা পাড়ুকোনের দ্বিতীয়বার মা হওয়ার খবর প্রকাশের দিনই আলিয়াকে হাসপাতালে দেখা যাওয়ায় অনেকেই দুই অভিনেত্রীর প্রসঙ্গ টেনে তুলছেন। কেউ কেউ আবার আলিয়া কিংবা তার পরিবারের সদস্যদের স্বাস্থ্যের বিষয়েও উদ্বেগ প্রকাশ করেছেন। তবে এ বিষয়ে এখনো কোনো মন্তব্য করেননি রণবীর কাপুর বা আলিয়া ভাট। বর্তমানে আলিয়া ব্যস্ত রয়েছেন সঞ্জয় লীলা বনসালীর ‘লাভ অ্যান্ড ওয়ার’ ছবির কাজ নিয়ে। এতে তার সহশিল্পী হিসেবে রয়েছেন রণবীর কাপুর ও ভিকি কৌশল। পাশাপাশি আগামী ১০ জুলাই মুক্তির অপেক্ষায় রয়েছে তার নতুন সিনেমা ‘আলফা’। তাই হাসপাতাল সফরটি নিছক নিয়মিত চেকআপ, নাকি অন্য কোনো কারণতা জানতে অপেক্ষা করতে হবে আরও কিছুটা সময়।
বাঘারপাড়ায় ইউপি চেয়ারম্যানের বিরুদ্ধে রাস্তার ইট বিক্রির অভিযোগ
নিজস্ব প্রতিবেদক
যশোরের বাঘারপাড়া উপজেলার দোহাকুলা ইউনিয়ন পরিষদের চেয়ারম্যান আবু মোতালেব তরফদারের বিরুদ্ধে রাস্তার পুরোনো ইট তুলে বিক্রি করে আত্মসাতের অভিযোগ উঠেছে। প্রায় অর্ধ কিলোমিটার রাস্তা থেকে ইট তুলে তিন লাখ টাকার বেশি বিক্রি করা হয়েছে বলে অভিযোগ পাওয়া গেছে। বিষয়টি সরেজমিনে তদন্ত করেছেন উপজেলা নির্বাহী কর্মকর্তা (ইউএনও) ভুপালী সরকার। স্থানীয় সূত্র জানায়, খলশী গ্রামের ইউনিয়ন পরিবার কল্যাণ কেন্দ্র থেকে সাবেক উপজেলা চেয়ারম্যান সরদার আবুল হোসেনের বাড়ি হয়ে রবিউলের পুকুর পর্যন্ত প্রায় ৭১৫ মিটার সড়কের একটি অংশে আগে থেকেই এক স্তরের ইট বসানো ছিল। বিভিন্ন প্রকল্পটিআর, কাবিখা, এডিপি ও উন্নয়ন তহবিল থেকে বরাদ্দ দিয়ে সড়কটি সংস্কার করা হয়েছিল। সম্প্রতি সড়কটি পাকা করার কাজ শুরু হলে পুরোনো ইট তুলে বিক্রি করা হয়। স্থানীয় বাসিন্দারা অভিযোগ করেন, চেয়ারম্যান ও তার লোকজন ইট বিক্রির টাকা আত্মসাৎ করেছেন। তবে চেয়ারম্যান সরেজমিন তদন্তে সুস্পষ্ট জবাব দিতে পারেননি। ঘটনাস্থলেই চেয়ারম্যান তাঁর ভুল স্বীকার করে ভবিষ্যতে এ ধরনের কাজ না করার আশ্বাস দেন এবং এ বিষয়ে সংবাদ প্রকাশ না করার অনুরোধ জানান। এ বিষয়ে ইউএনও ভুপালী সরকার বলেন, “সরেজমিনে তদন্ত করা হয়েছে। বিষয়টি আরও খতিয়ে দেখা হবে। আত্মসাতের প্রমাণ পাওয়া গেলে প্রয়োজনীয় ব্যবস্থা নেওয়া হবে।”
দেবহাটার নওয়াপাড়ার ইউপি চেয়ারম্যান আলমগীরের স্ত্রীর বিরুদ্ধে যৌতুক মামলা
নিজস্ব প্রতিবেদক
চাহিদা মত যৌতুক না পেয়ে স্ত্রীকে মারপিট ও নির্যাতনের অভিযোগে সাতক্ষীরার দেবহাটা উপজেলার নওয়াপাড়া ইউনিয়ন পরিষদের চেয়ারম্যানের স্ত্রী, শ্বশুর ও শাশুড়ির বিরুদ্ধে আদালতে মামলা দায়ের করা হয়েছে। দেবহাটার নওয়াপাড়া গ্রামের মৃত আজিজুর রহমানের ছেলে ও নওয়াপাড়া ইউনিয়নের চেয়ারম্যান আলমগীর হোসেন বাদী হয়ে এ মামলা করেছেন। অতিরিক্ত চীফ জুডিসিয়াল ম্যাজিস্ট্রেট আছাদুল ইসলাম অভিযোগ তদন্ত করে যশোর সদরের এসি ল্যান্ডকে প্রতিবেদন জমা দেয়ার আদেশ দিয়েছেন। আসামিরা হলো, চেয়ারম্যান আলমগীর হোসেনের শ্বশুর যশোর শহরের বকচরের এল মার্কেট সংলগ্ন এলাকার নূর মোহাম্মদ গাজী ও তার শাশুড়ি তাসলিমা খাতুন এবং স্ত্রী জান্নাতুল ফেরদৌসী মৌসুমী। মামলার অভিযোগে জানা গেছে, ২০১৮ সালে চেয়ারম্যান আলমগীর হোসেন পারিবারিক ভাবে মৌসুমীকে বিয়ে করেন। সংসার জীবনে তাদের একটি সন্তান রয়েছে। বিয়ের পর থেকে স্ত্রী ও শ্বশুরবাড়ির লোকজন বিভিন্ন সময় টাকা দাবি করে আসছিল। দাবি পূরণ না হওয়ায় তারা চেয়ারম্যানের ওপর মানসিক ও শারীরিক নির্যাতন চালায় বলে অভিযোগে উল্লেখ করা হয়েছে।
চৌগাছায় ২০০ লিটার ডিজেল জব্দ : জরিমানা
চৌগাছা সংবাদদাতা
যশোরের চৌগাছায় অবৈধভাবে মজুদ করা ২০০ লিটার ডিজেল জব্দ করেছে ভ্রাম্যমাণ আদালত। মঙ্গলবার দুপুরে চৌগাছা থেকে একটি ভ্যানে করে ওই তেল শার্শা উপজেলার সাড়াতলা বাজারে নিয়ে যাচ্ছিলো। খবর পেয়ে চৌগাছা উপজেলা নির্বাহী কর্মকর্তা ফারজানা ইসলাম পৌর শহরের চানপুর মোড় থেকে সেই তেল জব্দ করেন। এ সময় ভ্রাম্যমাণ আদাল চৌগাছার বিশ্বাস ফিলিং স্টেশনের মালিক পক্ষকে ১০ হাজার টাকা জরিমানা করেন। আদালত সুত্রে জানা যায়, চৌগাছা থেকে শার্শা উপজেলার সাড়াতলা বাজারে একটি ভ্যানে করে ২০০ লিটার ডিজেল নিয়ে যাওয়া হচ্ছিল। বিষয়টি জানতে পেরে উপজেলা প্রশাসন সেখানে অভিযান চালায়। এ সময় তেল পরিবহনের বৈধ কাগজপত্র দেখাতে না পারায় জরিমানা করা হয় এবং জব্দকৃত তেল সরকারি বিধি মোতাবেক নিলামে বিক্রির ব্যবস্থা নেওয়া হয়। উপজেলা নির্বাহী কর্মকর্তা বলেন, অবৈধ জ্বালানি তেল মজুত ও পরিবহনের বিরুদ্ধে এ অভিযান অব্যাহত থাকবে।
